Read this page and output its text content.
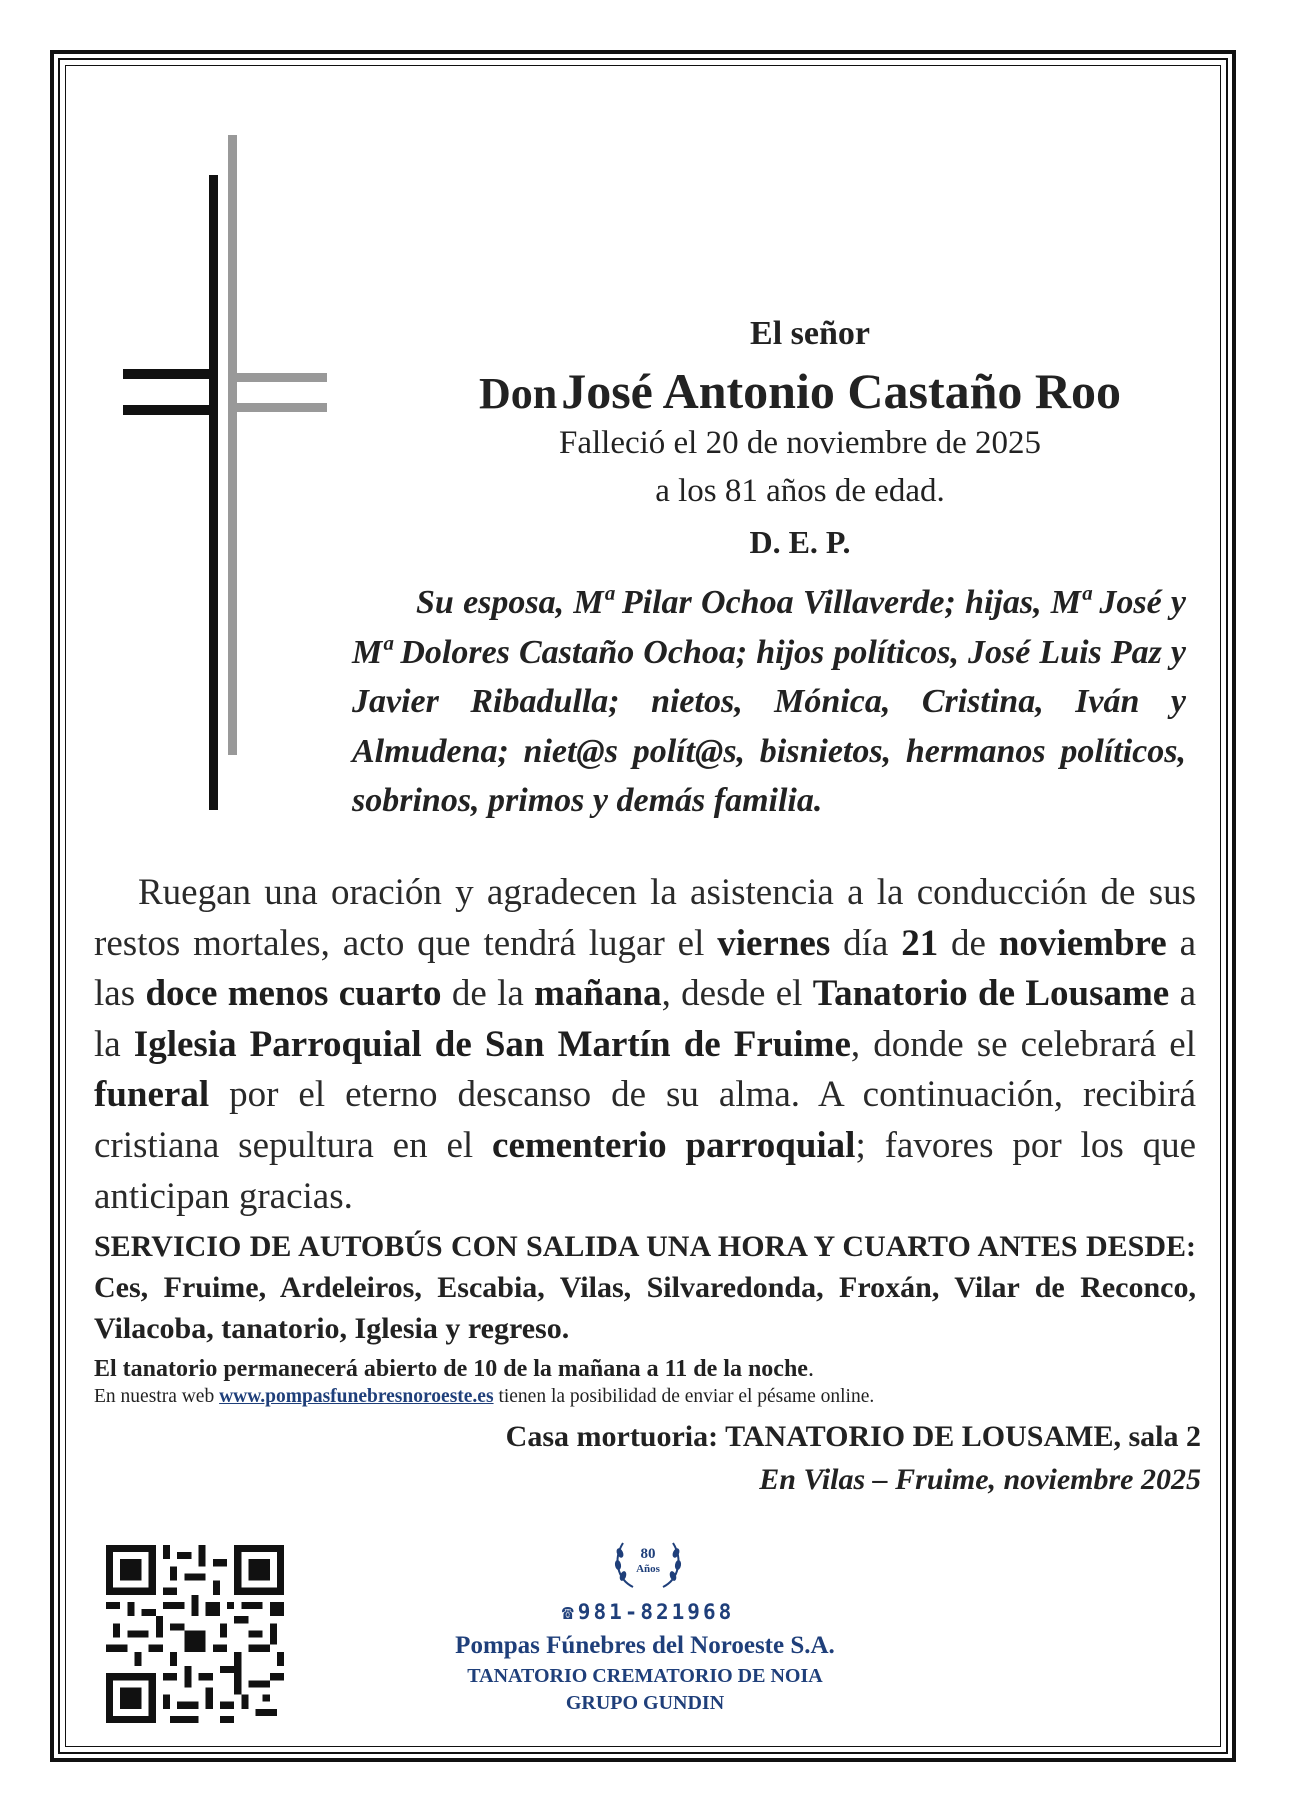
El señor
Don José Antonio Castaño Roo
Falleció el 20 de noviembre de 2025
a los 81 años de edad.
D. E. P.
Su esposa, Mª Pilar Ochoa Villaverde; hijas, Mª José y Mª Dolores Castaño Ochoa; hijos políticos, José Luis Paz y Javier Ribadulla; nietos, Mónica, Cristina, Iván y Almudena; niet@s polít@s, bisnietos, hermanos políticos, sobrinos, primos y demás familia.
Ruegan una oración y agradecen la asistencia a la conducción de sus restos mortales, acto que tendrá lugar el viernes día 21 de noviembre a las doce menos cuarto de la mañana, desde el Tanatorio de Lousame a la Iglesia Parroquial de San Martín de Fruime, donde se celebrará el funeral por el eterno descanso de su alma. A continuación, recibirá cristiana sepultura en el cementerio parroquial; favores por los que anticipan gracias.
SERVICIO DE AUTOBÚS CON SALIDA UNA HORA Y CUARTO ANTES DESDE: Ces, Fruime, Ardeleiros, Escabia, Vilas, Silvaredonda, Froxán, Vilar de Reconco, Vilacoba, tanatorio, Iglesia y regreso.
El tanatorio permanecerá abierto de 10 de la mañana a 11 de la noche.
En nuestra web www.pompasfunebresnoroeste.es tienen la posibilidad de enviar el pésame online.
Casa mortuoria: TANATORIO DE LOUSAME, sala 2
En Vilas – Fruime, noviembre 2025
80
Años
☎ 981-821968
Pompas Fúnebres del Noroeste S.A.
TANATORIO CREMATORIO DE NOIA
GRUPO GUNDIN
